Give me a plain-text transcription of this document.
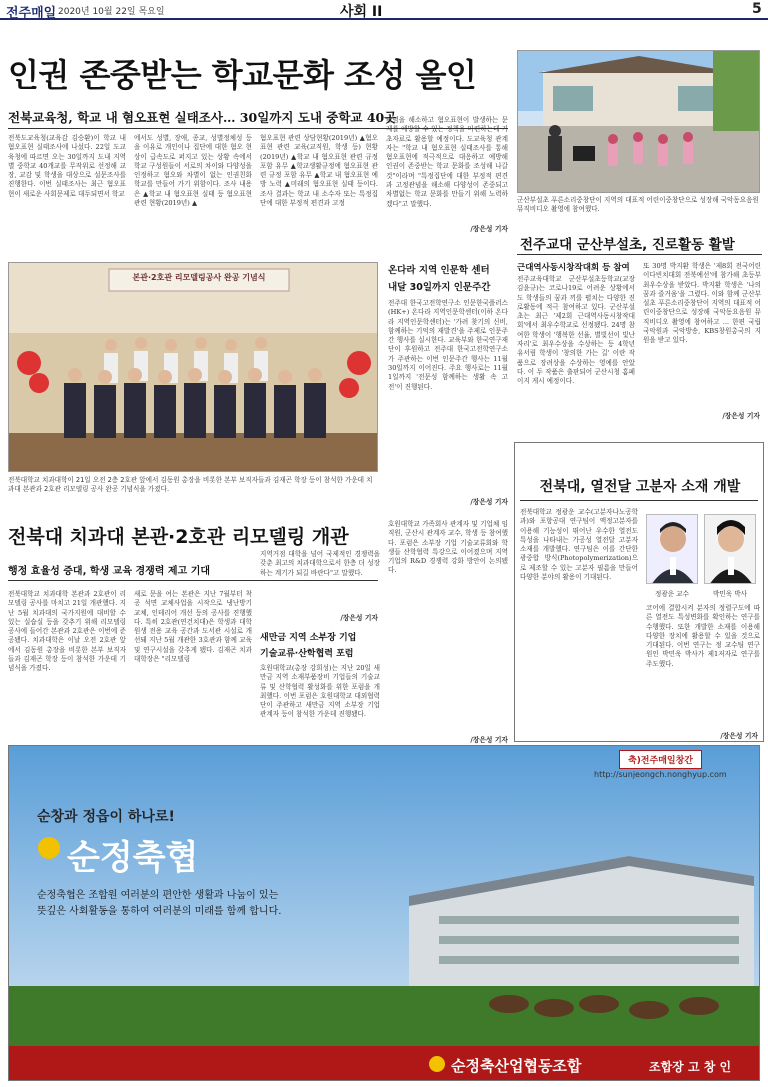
전주매일 2020년 10월 22일 목요일	사회 II	5
인권 존중받는 학교문화 조성 올인
전북교육청, 학교 내 혐오표현 실태조사… 30일까지 도내 중학교 40곳
전북도교육청(교육감 김승환)이 학교 내 혐오표현 실태조사에 나섰다. 22일 도교육청에 따르면 오는 30일까지 도내 지역별 중학교 40개교를 무작위로 선정해 교장, 교감 및 학생을 대상으로 설문조사를 진행한다. 이번 실태조사는 최근 혐오표현이 새로운 사회문제로 대두되면서 학교
에서도 성별, 장애, 종교, 성별정체성 등을 이유로 개인이나 집단에 대한 혐오 현상이 급속도로 퍼지고 있는 상황 속에서 학교 구성원들이 서로의 차이와 다양성을 인정하고 혐오와 차별이 없는 인권친화 학교를 만들어 가기 위함이다. 조사 내용은 ▲학교 내 혐오표현 실태 등 혐오표현 관련 현황(2019년) ▲
혐오표현 관련 상담현황(2019년) ▲혐오표현 관련 교육(교직원, 학생 등) 현황(2019년) ▲학교 내 혐오표현 관련 규정 포함 유무 ▲학교생활규정에 혐오표현 관련 규정 포함 유무 ▲학교 내 혐오표현 예방 노력 ▲미래의 혐오표현 실태 등이다. 조사 결과는 학교 내 소수자 또는 특정집단에 대한 부정적 편견과 고정
관념을 해소하고 혐오표현이 발생하는 문제를 예방할 수 있는 정책을 마련하는데 기초자료로 활용할 예정이다. 도교육청 관계자는 "학교 내 혐오표현 실태조사를 통해 혐오표현에 적극적으로 대응하고 예방해 인권이 존중받는 학교 문화를 조성해 나갈 것"이라며 "특정집단에 대한 부정적 편견과 고정관념을 해소해 다양성이 존중되고 차별없는 학교 문화를 만들기 위해 노력하겠다"고 말했다.
/장은성 기자
군산부설초 푸른소리중창단이 지역의 대표적 어린이중창단으로 성장해 국악동요음원 뮤직비디오 촬영에 참여했다.
전주교대 군산부설초, 진로활동 활발
근대역사동시창작대회 등 참여
전주교육대학교 군산부설초등학교(교장 김윤규)는 코로나19로 어려운 상황에서도 학생들의 꿈과 끼를 펼치는 다양한 진로활동에 적극 참여하고 있다. 군산부설초는 최근 '제2회 근대역사동시창작대회'에서 최우수학교로 선정됐다. 24명 참여한 학생이 '행복한 선율, 별빛선이 빛난 자리'로 최우수상을 수상하는 등 4학년 유서림 학생이 '창의한 가는 길' 이란 작품으로 장려상을 수상하는 영예를 안았다. 이 두 작품은 출판되어 군산시청 홈페이지 게시 예정이다.
또 30명 박지환 학생은 '제8회 전국어린이다빈치대회 전북예선'에 참가해 초등부 최우수상을 받았다. 박지환 학생은 '나의 꿈과 즐거움'을 그렸다. 이와 함께 군산부설초 푸른소리중창단이 지역의 대표적 어린이중창단으로 성장해 국악동요음원 뮤직비디오 촬영에 참여하고 ... 한편 국립국악원과 국악방송, KBS창원총국의 지원을 받고 있다.
/장은성 기자
본관·2호관 리모델링공사 완공 기념식
전북대학교 치과대학이 21일 오전 2층 2호관 앞에서 김동원 총장을 비롯한 본부 보직자들과 김재곤 학장 등이 참석한 가운데 치과대 본관과 2호관 리모델링 공사 완공 기념식을 가졌다.
온다라 지역 인문학 센터
내달 30일까지 인문주간
전주대 한국고전학연구소 인문한국플러스(HK+) 온다라 지역인문학센터(이하 온다라 지역인문학센터)는 '가려 찾기의 신비, 함께하는 기억의 재발견'을 주제로 인문주간 행사를 실시한다. 교육부와 한국연구재단이 후원하고 전주대 한국고전학연구소가 주관하는 이번 인문주간 행사는 11월 30일까지 이어진다. 주요 행사로는 11월 1일까지 '전문성 함께하는 생활 속 고전'이 진행된다.
/장은성 기자
전북대, 열전달 고분자 소재 개발
전북대학교 정광운 교수(고분자나노공학과)와 포항공대 연구팀이 액정고분자를 이용해 기능성이 뛰어난 우수한 열전도 특성을 나타내는 가공성 열전달 고분자 소재를 개발했다. 연구팀은 이를 간단한 광중합 방식(Photopolymerization)으로 제조할 수 있는 고분자 필름을 만들어 다양한 분야의 활용이 기대된다.
정광운 교수	박민욱 박사
코어에 결합시켜 분자의 정렬구도에 따른 열전도 특성변화를 확인하는 연구를 수행했다. 또한 개발한 소재를 이용해 다양한 장치에 활용할 수 있을 것으로 기대된다. 이번 연구는 정 교수팀 연구원인 박민욱 박사가 제1저자로 연구를 주도했다.
/장은성 기자
전북대 치과대 본관·2호관 리모델링 개관
행정 효율성 증대, 학생 교육 경쟁력 제고 기대
전북대학교 치과대학 본관과 2호관이 리모델링 공사를 마치고 21일 개관했다. 지난 5월 치과대의 국가지원에 대비할 수 있는 실습실 등을 갖추기 위해 리모델링 공사에 들어간 본관과 2호관은 이번에 준공됐다. 치과대학은 이날 오전 2호관 앞에서 김동원 총장을 비롯한 본부 보직자들과 김재곤 학장 등이 참석한 가운데 기념식을 가졌다.
새로 문을 여는 본관은 지난 7월부터 착공 석면 교체사업을 시작으로 냉난방기 교체, 인테리어 개선 등의 공사를 진행했다. 특히 2호관(연건치대)은 학생과 대학원생 전용 교육 공간과 도서관 시설로 개선돼 지난 5월 개관한 3호관과 함께 교육 및 연구시설을 갖추게 됐다. 김재곤 치과대학장은 "리모델링
지역거점 대학을 넘어 국제적인 경쟁력을 갖춘 최고의 치과대학으로서 한층 더 성장하는 계기가 되길 바란다"고 말했다.
/장은성 기자
새만금 지역 소부장 기업
기술교류·산학협력 포럼
호원대학교(총장 강희성)는 지난 20일 새만금 지역 소재부품장비 기업들의 기술교류 및 산학협력 활성화를 위한 포럼을 개최했다. 이번 포럼은 호원대학교 대외협력단이 주관하고 새만금 지역 소부장 기업 관계자 등이 참석한 가운데 진행됐다.
호원대학교 가족회사 관계자 및 기업체 임직원, 군산시 관계자 교수, 학생 등 참여했다. 포럼은 소부장 기업 기술교류회와 학생들 산학협력 특강으로 이어졌으며 지역 기업의 R&D 경쟁력 강화 방안이 논의됐다.
/장은성 기자
축)전주매일창간
http://sunjeongch.nonghyup.com
순창과 정읍이 하나로!
순정축협
순정축협은 조합원 여러분의 편안한 생활과 나눔이 있는
뜻깊은 사회활동을 통하여 여러분의 미래를 함께 합니다.
순정축산업협동조합	조합장 고 창 인
